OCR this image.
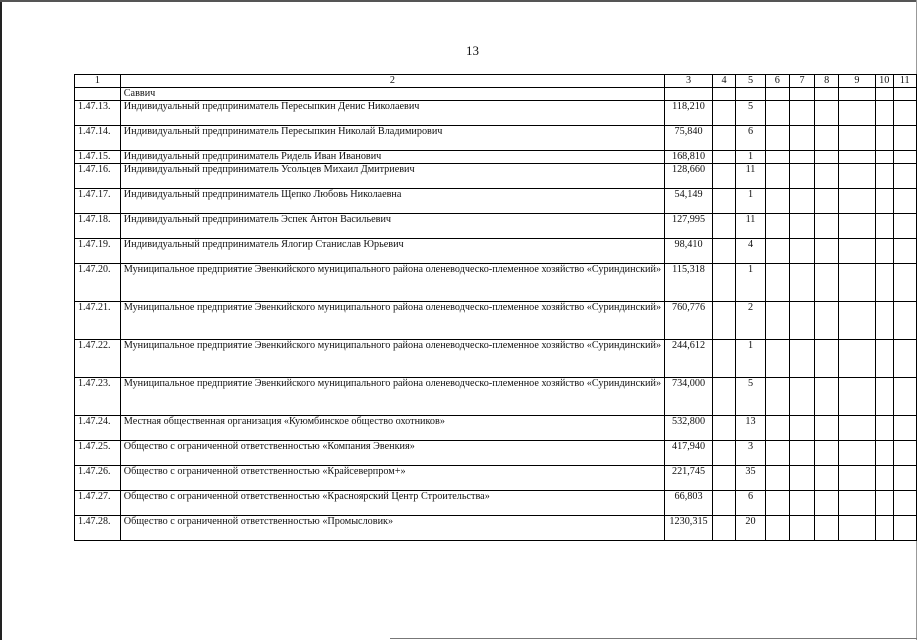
13
1	2	3	4	5	6	7	8	9	10	11
	Саввич									
1.47.13.	Индивидуальный предприниматель Пересыпкин Денис Николаевич	118,210		5						
1.47.14.	Индивидуальный предприниматель Пересыпкин Николай Владимирович	75,840		6						
1.47.15.	Индивидуальный предприниматель Ридель Иван Иванович	168,810		1						
1.47.16.	Индивидуальный предприниматель Усольцев Михаил Дмитриевич	128,660		11						
1.47.17.	Индивидуальный предприниматель Щепко Любовь Николаевна	54,149		1						
1.47.18.	Индивидуальный предприниматель Эспек Антон Васильевич	127,995		11						
1.47.19.	Индивидуальный предприниматель Ялогир Станислав Юрьевич	98,410		4						
1.47.20.	Муниципальное предприятие Эвенкийского муниципального района оленеводческо-племенное хозяйство «Суриндинский»	115,318		1						
1.47.21.	Муниципальное предприятие Эвенкийского муниципального района оленеводческо-племенное хозяйство «Суриндинский»	760,776		2						
1.47.22.	Муниципальное предприятие Эвенкийского муниципального района оленеводческо-племенное хозяйство «Суриндинский»	244,612		1						
1.47.23.	Муниципальное предприятие Эвенкийского муниципального района оленеводческо-племенное хозяйство «Суриндинский»	734,000		5						
1.47.24.	Местная общественная организация «Куюмбинское общество охотников»	532,800		13						
1.47.25.	Общество с ограниченной ответственностью «Компания Эвенкия»	417,940		3						
1.47.26.	Общество с ограниченной ответственностью «Крайсеверпром+»	221,745		35						
1.47.27.	Общество с ограниченной ответственностью «Красноярский Центр Строительства»	66,803		6						
1.47.28.	Общество с ограниченной ответственностью «Промысловик»	1230,315		20						
